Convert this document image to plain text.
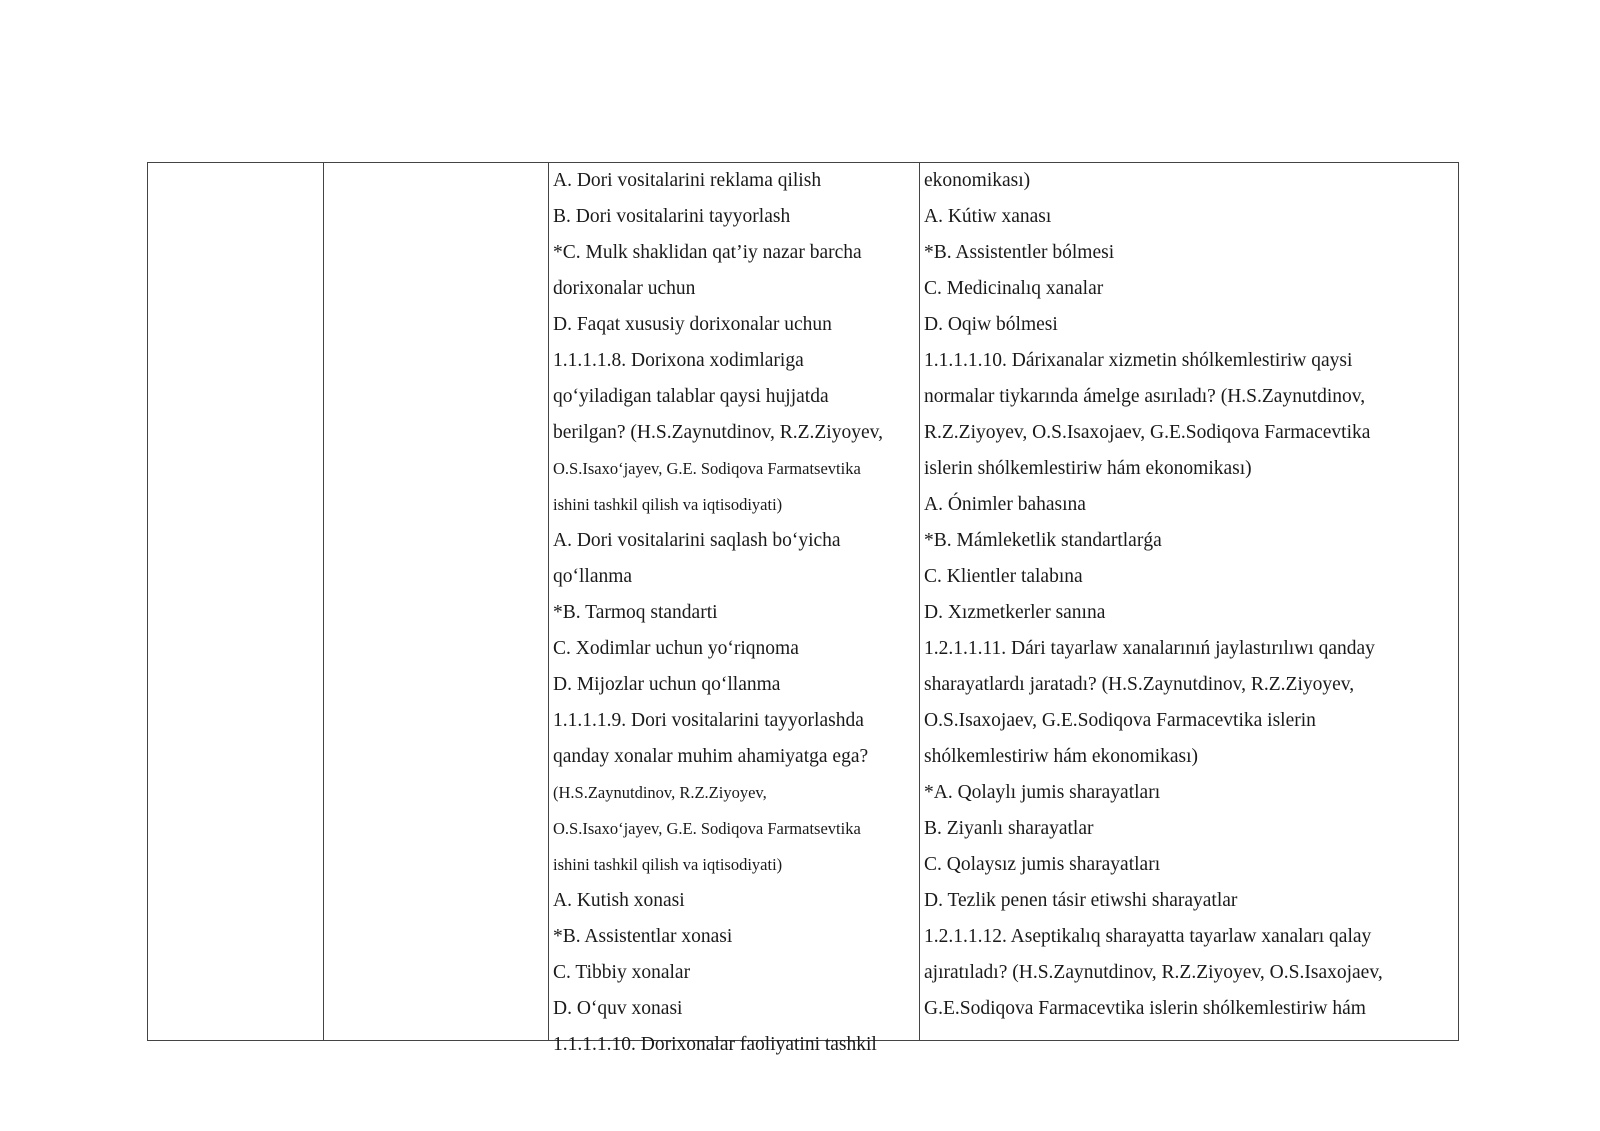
A. Dori vositalarini reklama qilish
B. Dori vositalarini tayyorlash
*C. Mulk shaklidan qat’iy nazar barcha
dorixonalar uchun
D. Faqat xususiy dorixonalar uchun
1.1.1.1.8. Dorixona xodimlariga
qo‘yiladigan talablar qaysi hujjatda
berilgan? (H.S.Zaynutdinov, R.Z.Ziyoyev,
O.S.Isaxo‘jayev, G.E. Sodiqova Farmatsevtika
ishini tashkil qilish va iqtisodiyati)
A. Dori vositalarini saqlash bo‘yicha
qo‘llanma
*B. Tarmoq standarti
C. Xodimlar uchun yo‘riqnoma
D. Mijozlar uchun qo‘llanma
1.1.1.1.9. Dori vositalarini tayyorlashda
qanday xonalar muhim ahamiyatga ega?
(H.S.Zaynutdinov, R.Z.Ziyoyev,
O.S.Isaxo‘jayev, G.E. Sodiqova Farmatsevtika
ishini tashkil qilish va iqtisodiyati)
A. Kutish xonasi
*B. Assistentlar xonasi
C. Tibbiy xonalar
D. O‘quv xonasi
1.1.1.1.10. Dorixonalar faoliyatini tashkil

ekonomikası)
A. Kútiw xanası
*B. Assistentler bólmesi
C. Medicinalıq xanalar
D. Oqiw bólmesi
1.1.1.1.10. Dárixanalar xizmetin shólkemlestiriw qaysi
normalar tiykarında ámelge asırıladı? (H.S.Zaynutdinov,
R.Z.Ziyoyev, O.S.Isaxojaev, G.E.Sodiqova Farmacevtika
islerin shólkemlestiriw hám ekonomikası)
A. Ónimler bahasına
*B. Mámleketlik standartlarǵa
C. Klientler talabına
D. Xızmetkerler sanına
1.2.1.1.11. Dári tayarlaw xanalarınıń jaylastırılıwı qanday
sharayatlardı jaratadı? (H.S.Zaynutdinov, R.Z.Ziyoyev,
O.S.Isaxojaev, G.E.Sodiqova Farmacevtika islerin
shólkemlestiriw hám ekonomikası)
*A. Qolaylı jumis sharayatları
B. Ziyanlı sharayatlar
C. Qolaysız jumis sharayatları
D. Tezlik penen tásir etiwshi sharayatlar
1.2.1.1.12. Aseptikalıq sharayatta tayarlaw xanaları qalay
ajıratıladı? (H.S.Zaynutdinov, R.Z.Ziyoyev, O.S.Isaxojaev,
G.E.Sodiqova Farmacevtika islerin shólkemlestiriw hám
